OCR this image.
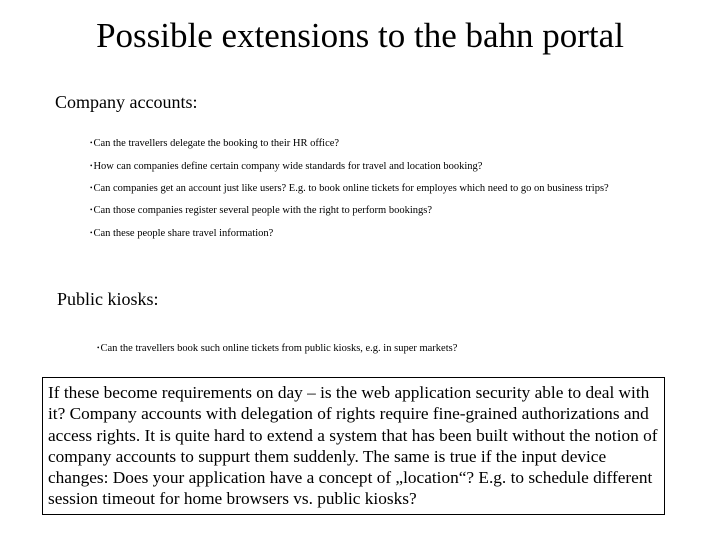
Possible extensions to the bahn portal
Company accounts:
•Can the travellers delegate the booking to their HR office?
•How can companies define certain company wide standards for travel and location booking?
•Can companies get an account just like users? E.g. to book online tickets for employes which need to go on business trips?
•Can those companies register several people with the right to perform bookings?
•Can these people share travel information?
Public kiosks:
•Can the travellers book such online tickets from public kiosks, e.g. in super markets?
If these become requirements on day – is the web application security able to deal with it? Company accounts with delegation of rights require fine-grained authorizations and access rights. It is quite hard to extend a system that has been built without the notion of company accounts to suppurt them suddenly. The same is true if the input device changes: Does your application have a concept of „location“? E.g. to schedule different session timeout for home browsers vs. public kiosks?
